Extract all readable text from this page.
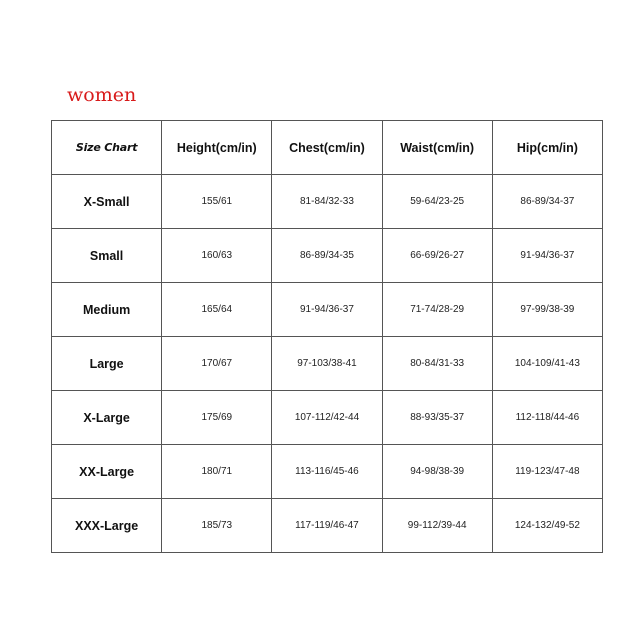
women
Size Chart	Height(cm/in)	Chest(cm/in)	Waist(cm/in)	Hip(cm/in)
X-Small	155/61	81-84/32-33	59-64/23-25	86-89/34-37
Small	160/63	86-89/34-35	66-69/26-27	91-94/36-37
Medium	165/64	91-94/36-37	71-74/28-29	97-99/38-39
Large	170/67	97-103/38-41	80-84/31-33	104-109/41-43
X-Large	175/69	107-112/42-44	88-93/35-37	112-118/44-46
XX-Large	180/71	113-116/45-46	94-98/38-39	119-123/47-48
XXX-Large	185/73	117-119/46-47	99-112/39-44	124-132/49-52
